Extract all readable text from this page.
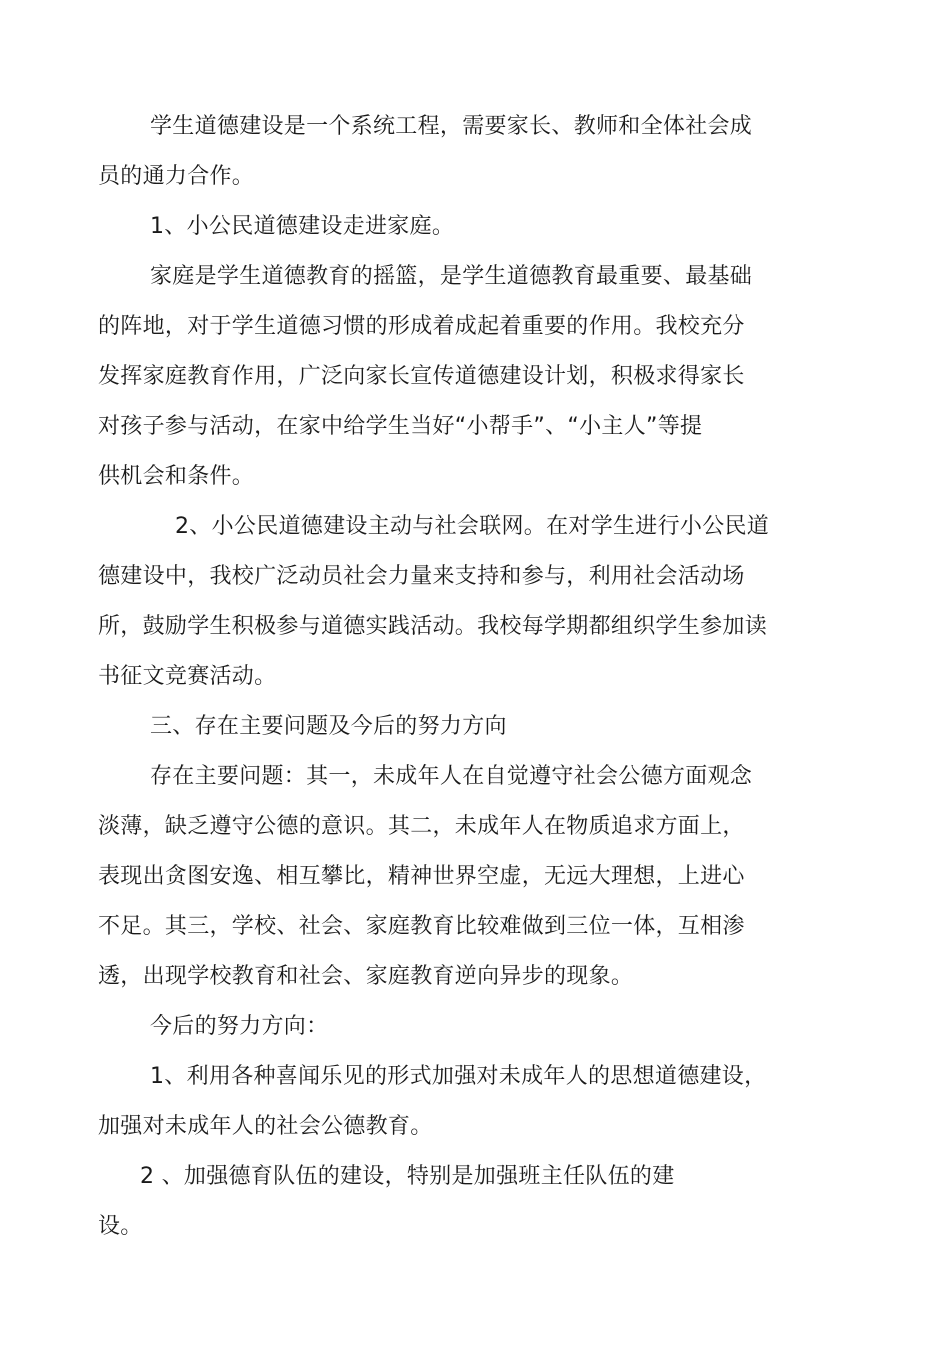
学生道德建设是一个系统工程，需要家长、教师和全体社会成
员的通力合作。
1、小公民道德建设走进家庭。
家庭是学生道德教育的摇篮，是学生道德教育最重要、最基础
的阵地，对于学生道德习惯的形成着成起着重要的作用。我校充分
发挥家庭教育作用，广泛向家长宣传道德建设计划，积极求得家长
对孩子参与活动，在家中给学生当好“小帮手”、“小主人”等提
供机会和条件。
2、小公民道德建设主动与社会联网。在对学生进行小公民道
德建设中，我校广泛动员社会力量来支持和参与，利用社会活动场
所，鼓励学生积极参与道德实践活动。我校每学期都组织学生参加读
书征文竞赛活动。
三、存在主要问题及今后的努力方向
存在主要问题：其一，未成年人在自觉遵守社会公德方面观念
淡薄，缺乏遵守公德的意识。其二，未成年人在物质追求方面上，
表现出贪图安逸、相互攀比，精神世界空虚，无远大理想，上进心
不足。其三，学校、社会、家庭教育比较难做到三位一体，互相渗
透，出现学校教育和社会、家庭教育逆向异步的现象。
今后的努力方向：
1、利用各种喜闻乐见的形式加强对未成年人的思想道德建设，
加强对未成年人的社会公德教育。
2 、加强德育队伍的建设，特别是加强班主任队伍的建
设。
